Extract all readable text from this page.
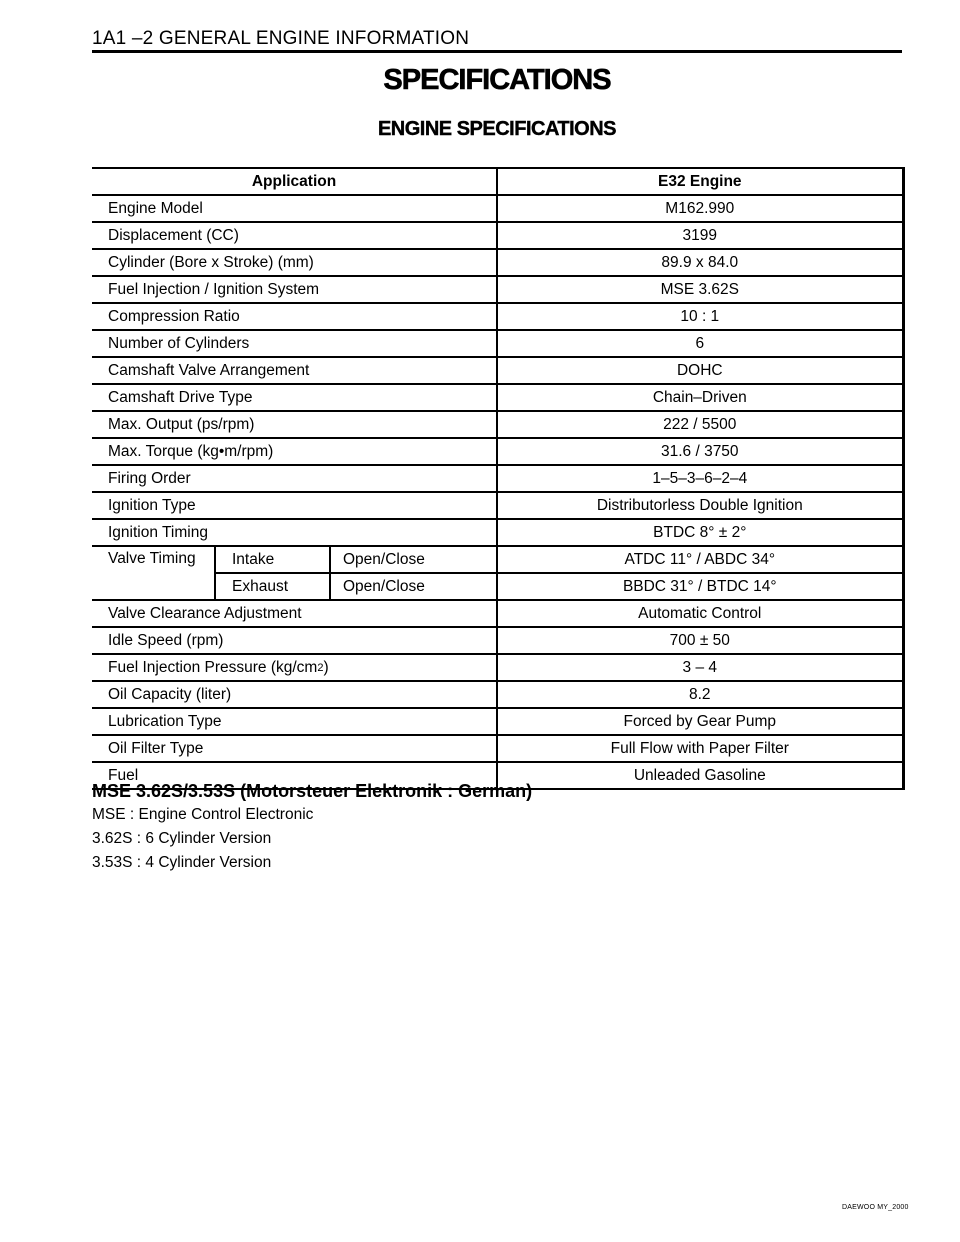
1A1 –2 GENERAL ENGINE INFORMATION
SPECIFICATIONS
ENGINE SPECIFICATIONS
Application			E32 Engine
Engine Model			M162.990
Displacement (CC)			3199
Cylinder (Bore x Stroke) (mm)			89.9 x 84.0
Fuel Injection / Ignition System			MSE 3.62S
Compression Ratio			10 : 1
Number of Cylinders			6
Camshaft Valve Arrangement			DOHC
Camshaft Drive Type			Chain–Driven
Max. Output (ps/rpm)			222 / 5500
Max. Torque (kg•m/rpm)			31.6 / 3750
Firing Order			1–5–3–6–2–4
Ignition Type			Distributorless Double Ignition
Ignition Timing			BTDC 8° ± 2°
Valve Timing	Intake	Open/Close	ATDC 11° / ABDC 34°
	Exhaust	Open/Close	BBDC 31° / BTDC 14°
Valve Clearance Adjustment			Automatic Control
Idle Speed (rpm)			700 ± 50
Fuel Injection Pressure (kg/cm2)			3 – 4
Oil Capacity (liter)			8.2
Lubrication Type			Forced by Gear Pump
Oil Filter Type			Full Flow with Paper Filter
Fuel			Unleaded Gasoline
MSE 3.62S/3.53S (Motorsteuer Elektronik : German)
MSE : Engine Control Electronic
3.62S : 6 Cylinder Version
3.53S : 4 Cylinder Version
DAEWOO MY_2000
